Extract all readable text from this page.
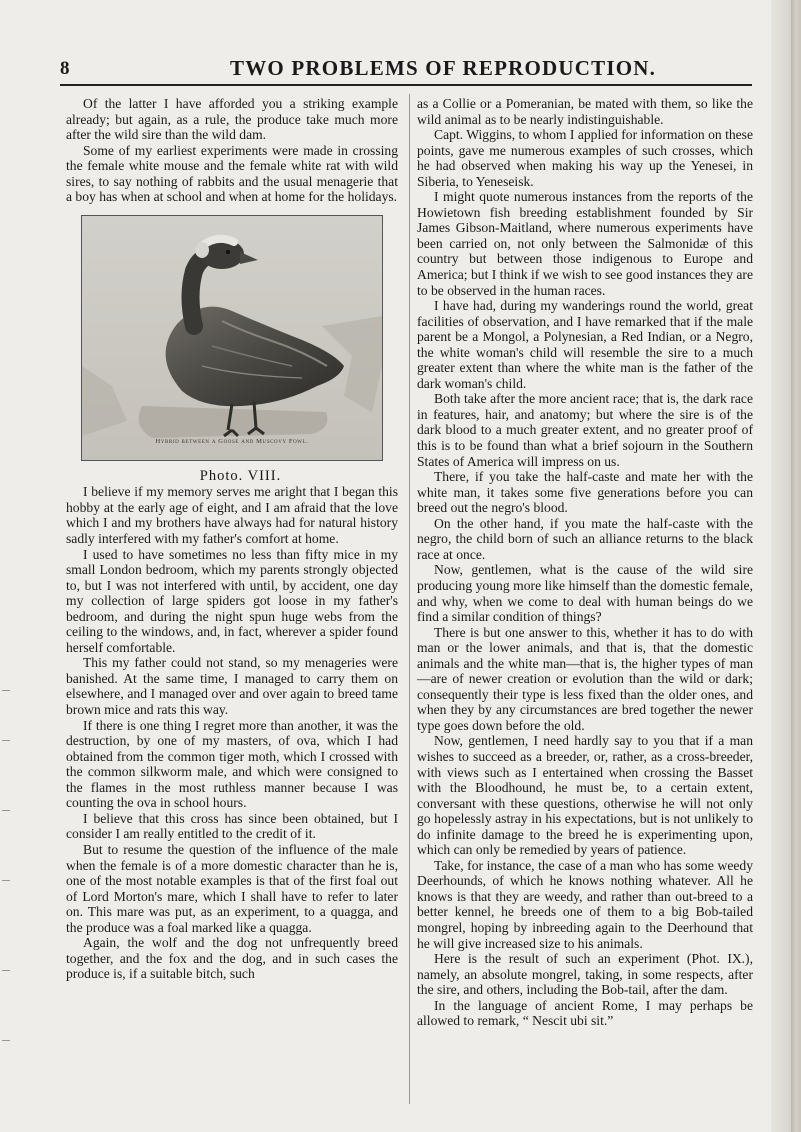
8	TWO PROBLEMS OF REPRODUCTION.

Of the latter I have afforded you a striking example already; but again, as a rule, the produce take much more after the wild sire than the wild dam.

Some of my earliest experiments were made in crossing the female white mouse and the female white rat with wild sires, to say nothing of rabbits and the usual menagerie that a boy has when at school and when at home for the holidays.

Hybrid between a Goose and Muscovy Fowl.

Photo. VIII.

I believe if my memory serves me aright that I began this hobby at the early age of eight, and I am afraid that the love which I and my brothers have always had for natural history sadly interfered with my father's comfort at home.

I used to have sometimes no less than fifty mice in my small London bedroom, which my parents strongly objected to, but I was not interfered with until, by accident, one day my collection of large spiders got loose in my father's bedroom, and during the night spun huge webs from the ceiling to the windows, and, in fact, wherever a spider found herself comfortable.

This my father could not stand, so my menageries were banished. At the same time, I managed to carry them on elsewhere, and I managed over and over again to breed tame brown mice and rats this way.

If there is one thing I regret more than another, it was the destruction, by one of my masters, of ova, which I had obtained from the common tiger moth, which I crossed with the common silkworm male, and which were consigned to the flames in the most ruthless manner because I was counting the ova in school hours.

I believe that this cross has since been obtained, but I consider I am really entitled to the credit of it.

But to resume the question of the influence of the male when the female is of a more domestic character than he is, one of the most notable examples is that of the first foal out of Lord Morton's mare, which I shall have to refer to later on. This mare was put, as an experiment, to a quagga, and the produce was a foal marked like a quagga.

Again, the wolf and the dog not unfrequently breed together, and the fox and the dog, and in such cases the produce is, if a suitable bitch, such

as a Collie or a Pomeranian, be mated with them, so like the wild animal as to be nearly indistinguishable.

Capt. Wiggins, to whom I applied for information on these points, gave me numerous examples of such crosses, which he had observed when making his way up the Yenesei, in Siberia, to Yeneseisk.

I might quote numerous instances from the reports of the Howietown fish breeding establishment founded by Sir James Gibson-Maitland, where numerous experiments have been carried on, not only between the Salmonidæ of this country but between those indigenous to Europe and America; but I think if we wish to see good instances they are to be observed in the human races.

I have had, during my wanderings round the world, great facilities of observation, and I have remarked that if the male parent be a Mongol, a Polynesian, a Red Indian, or a Negro, the white woman's child will resemble the sire to a much greater extent than where the white man is the father of the dark woman's child.

Both take after the more ancient race; that is, the dark race in features, hair, and anatomy; but where the sire is of the dark blood to a much greater extent, and no greater proof of this is to be found than what a brief sojourn in the Southern States of America will impress on us.

There, if you take the half-caste and mate her with the white man, it takes some five generations before you can breed out the negro's blood.

On the other hand, if you mate the half-caste with the negro, the child born of such an alliance returns to the black race at once.

Now, gentlemen, what is the cause of the wild sire producing young more like himself than the domestic female, and why, when we come to deal with human beings do we find a similar condition of things?

There is but one answer to this, whether it has to do with man or the lower animals, and that is, that the domestic animals and the white man—that is, the higher types of man—are of newer creation or evolution than the wild or dark; consequently their type is less fixed than the older ones, and when they by any circumstances are bred together the newer type goes down before the old.

Now, gentlemen, I need hardly say to you that if a man wishes to succeed as a breeder, or, rather, as a cross-breeder, with views such as I entertained when crossing the Basset with the Bloodhound, he must be, to a certain extent, conversant with these questions, otherwise he will not only go hopelessly astray in his expectations, but is not unlikely to do infinite damage to the breed he is experimenting upon, which can only be remedied by years of patience.

Take, for instance, the case of a man who has some weedy Deerhounds, of which he knows nothing whatever. All he knows is that they are weedy, and rather than out-breed to a better kennel, he breeds one of them to a big Bob-tailed mongrel, hoping by inbreeding again to the Deerhound that he will give increased size to his animals.

Here is the result of such an experiment (Phot. IX.), namely, an absolute mongrel, taking, in some respects, after the sire, and others, including the Bob-tail, after the dam.

In the language of ancient Rome, I may perhaps be allowed to remark, “ Nescit ubi sit.”
